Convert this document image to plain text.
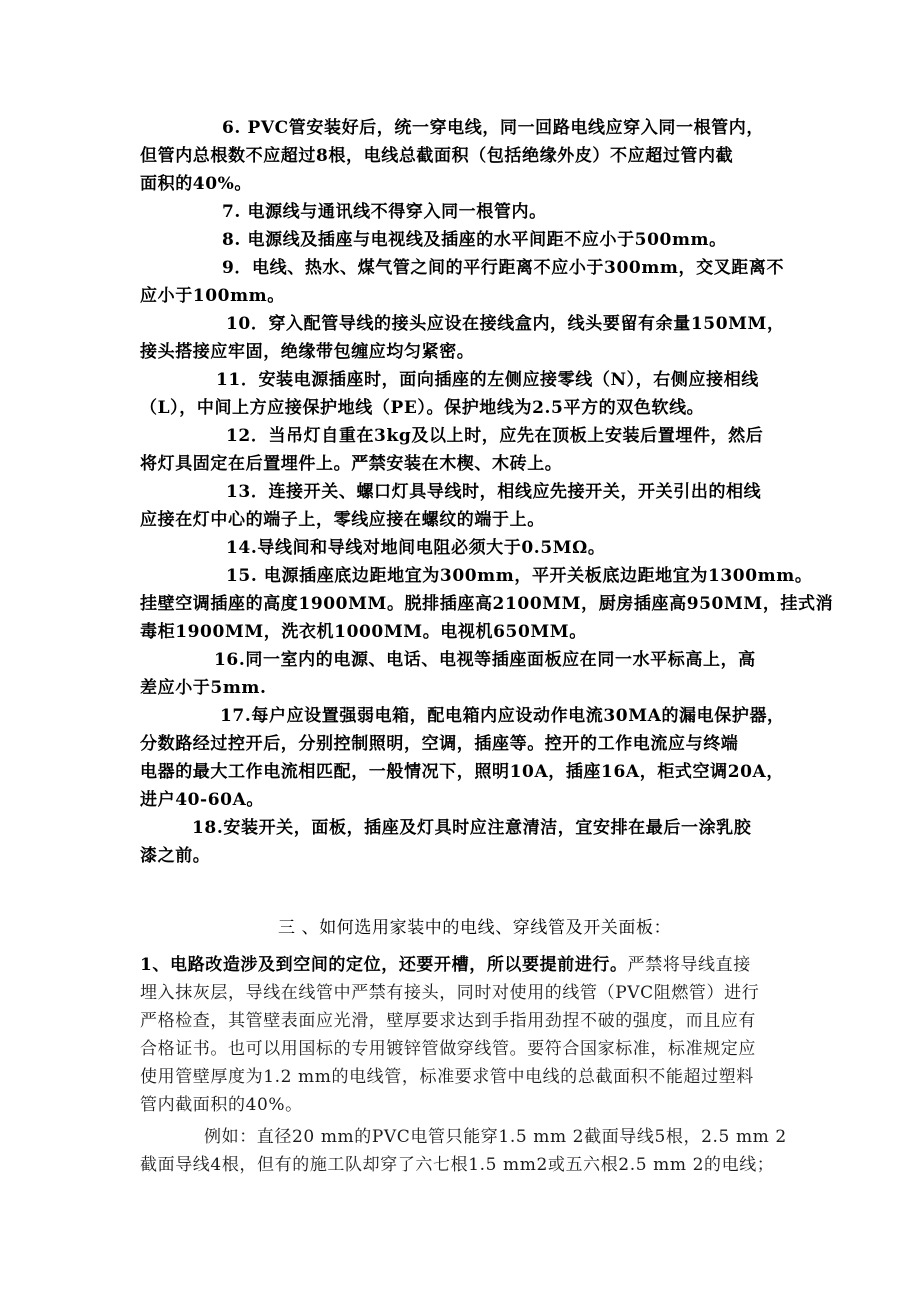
6. PVC管安装好后，统一穿电线，同一回路电线应穿入同一根管内，
但管内总根数不应超过8根，电线总截面积（包括绝缘外皮）不应超过管内截
面积的40%。
7. 电源线与通讯线不得穿入同一根管内。
8. 电源线及插座与电视线及插座的水平间距不应小于500mm。
9．电线、热水、煤气管之间的平行距离不应小于300mm，交叉距离不
应小于100mm。
10．穿入配管导线的接头应设在接线盒内，线头要留有余量150MM，
接头搭接应牢固，绝缘带包缠应均匀紧密。
11．安装电源插座时，面向插座的左侧应接零线（N），右侧应接相线
（L），中间上方应接保护地线（PE）。保护地线为2.5平方的双色软线。
12．当吊灯自重在3kg及以上时，应先在顶板上安装后置埋件，然后
将灯具固定在后置埋件上。严禁安装在木楔、木砖上。
13．连接开关、螺口灯具导线时，相线应先接开关，开关引出的相线
应接在灯中心的端子上，零线应接在螺纹的端于上。
14.导线间和导线对地间电阻必须大于0.5MΩ。
15. 电源插座底边距地宜为300mm，平开关板底边距地宜为1300mm。
挂壁空调插座的高度1900MM。脱排插座高2100MM，厨房插座高950MM，挂式消
毒柜1900MM，洗衣机1000MM。电视机650MM。
16.同一室内的电源、电话、电视等插座面板应在同一水平标高上，高
差应小于5mm.
17.每户应设置强弱电箱，配电箱内应设动作电流30MA的漏电保护器，
分数路经过控开后，分别控制照明，空调，插座等。控开的工作电流应与终端
电器的最大工作电流相匹配，一般情况下，照明10A，插座16A，柜式空调20A，
进户40-60A。
18.安装开关，面板，插座及灯具时应注意清洁，宜安排在最后一涂乳胶
漆之前。
三 、如何选用家装中的电线、穿线管及开关面板：
1、电路改造涉及到空间的定位，还要开槽，所以要提前进行。严禁将导线直接
埋入抹灰层，导线在线管中严禁有接头，同时对使用的线管（PVC阻燃管）进行
严格检查，其管壁表面应光滑，壁厚要求达到手指用劲捏不破的强度，而且应有
合格证书。也可以用国标的专用镀锌管做穿线管。要符合国家标准，标准规定应
使用管壁厚度为1.2 mm的电线管，标准要求管中电线的总截面积不能超过塑料
管内截面积的40%。
例如：直径20 mm的PVC电管只能穿1.5 mm 2截面导线5根，2.5 mm 2
截面导线4根，但有的施工队却穿了六七根1.5 mm2或五六根2.5 mm 2的电线；
